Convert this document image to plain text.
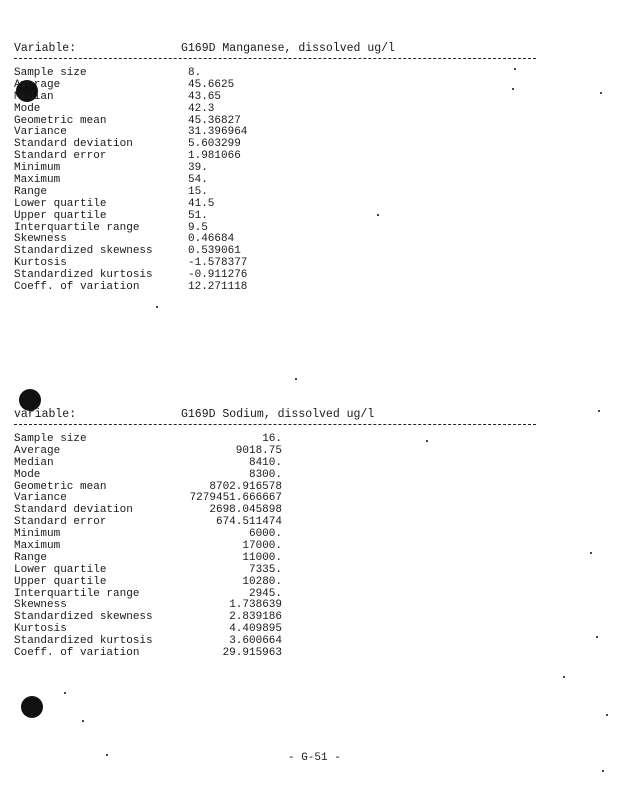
Variable:	G169D Manganese, dissolved ug/l
Sample size	8.
Average	45.6625
Median	43.65
Mode	42.3
Geometric mean	45.36827
Variance	31.396964
Standard deviation	5.603299
Standard error	1.981066
Minimum	39.
Maximum	54.
Range	15.
Lower quartile	41.5
Upper quartile	51.
Interquartile range	9.5
Skewness	0.46684
Standardized skewness	0.539061
Kurtosis	-1.578377
Standardized kurtosis	-0.911276
Coeff. of variation	12.271118
variable:	G169D Sodium, dissolved ug/l
Sample size	16.
Average	9018.75
Median	8410.
Mode	8300.
Geometric mean	8702.916578
Variance	7279451.666667
Standard deviation	2698.045898
Standard error	674.511474
Minimum	6000.
Maximum	17000.
Range	11000.
Lower quartile	7335.
Upper quartile	10280.
Interquartile range	2945.
Skewness	1.738639
Standardized skewness	2.839186
Kurtosis	4.409895
Standardized kurtosis	3.600664
Coeff. of variation	29.915963
- G-51 -
